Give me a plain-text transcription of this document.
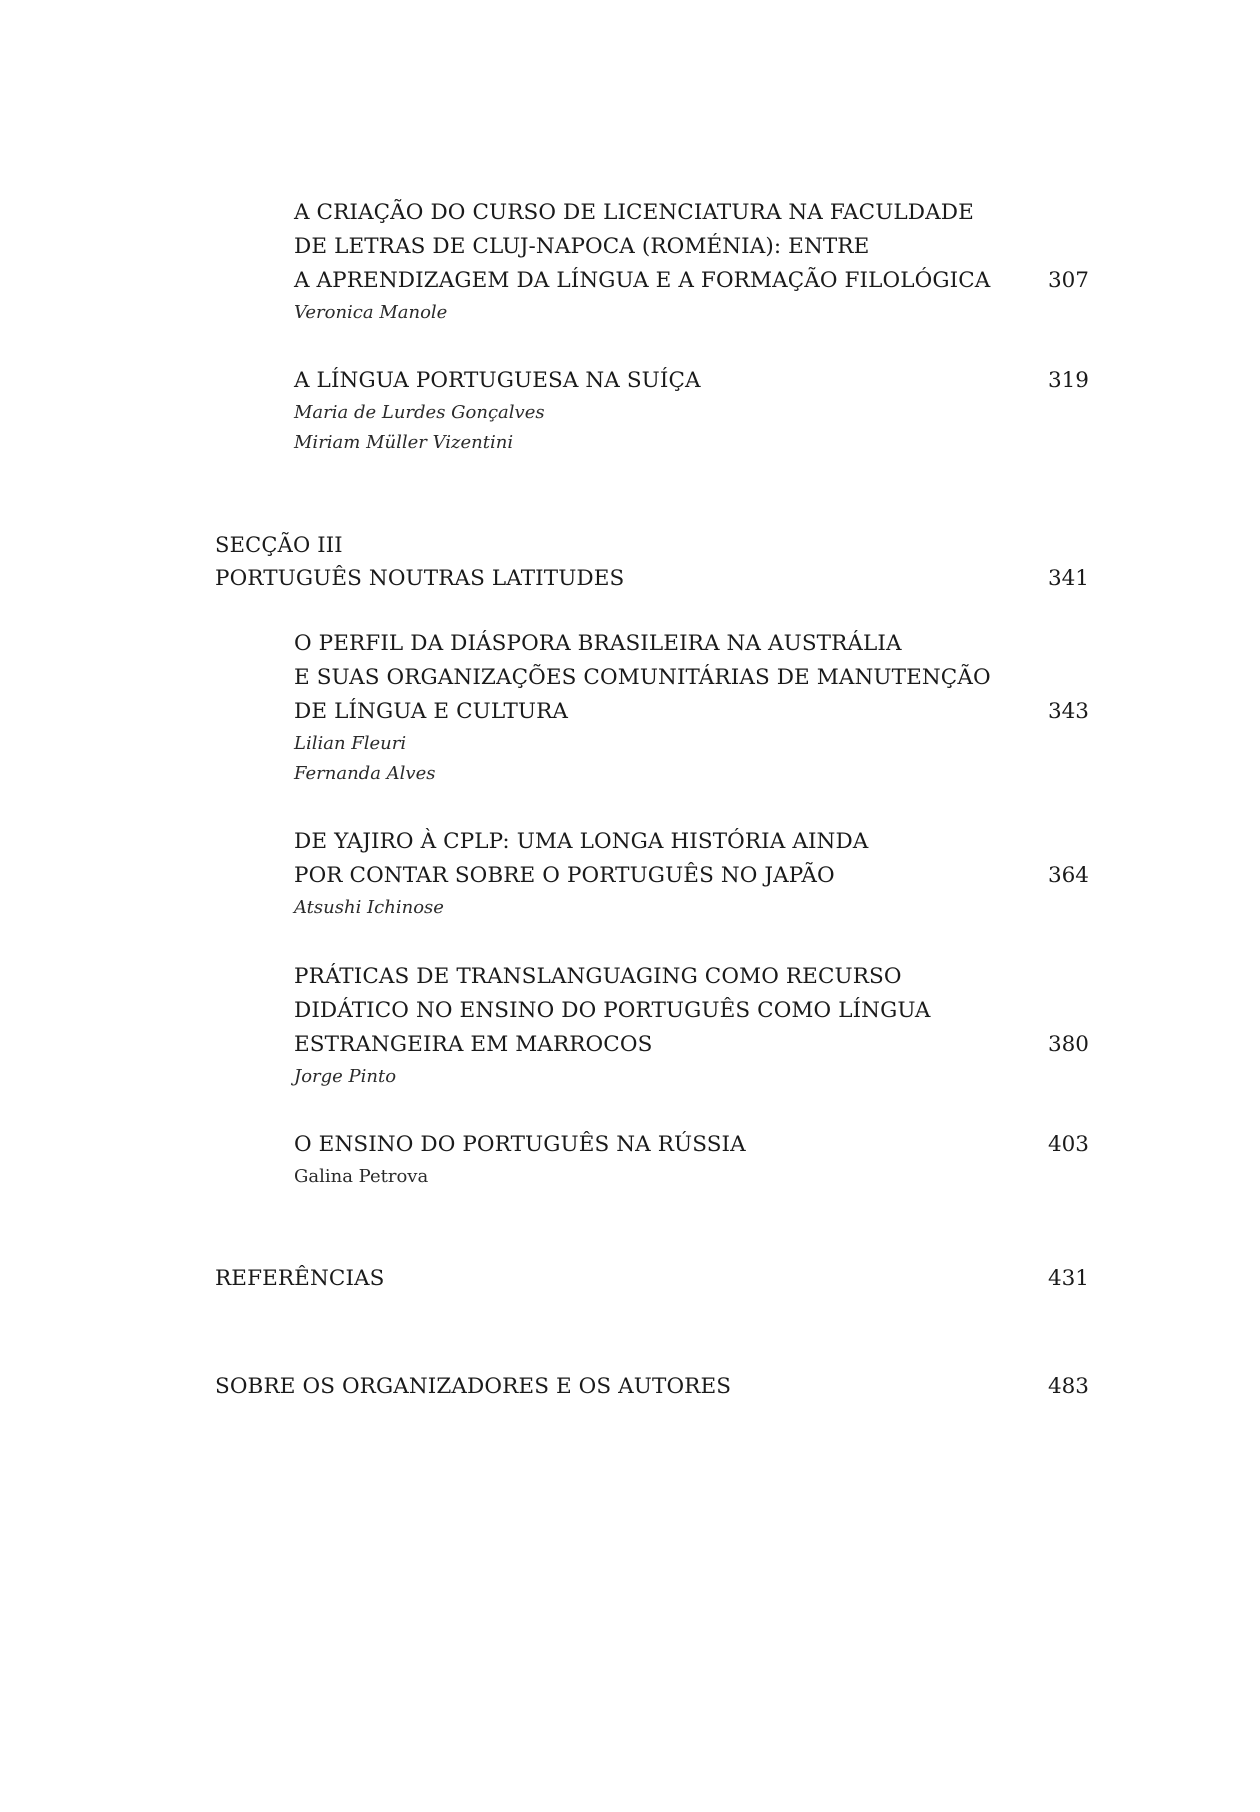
A CRIAÇÃO DO CURSO DE LICENCIATURA NA FACULDADE
DE LETRAS DE CLUJ-NAPOCA (ROMÉNIA): ENTRE
A APRENDIZAGEM DA LÍNGUA E A FORMAÇÃO FILOLÓGICA	307
Veronica Manole
A LÍNGUA PORTUGUESA NA SUÍÇA	319
Maria de Lurdes Gonçalves
Miriam Müller Vizentini
SECÇÃO III
PORTUGUÊS NOUTRAS LATITUDES	341
O PERFIL DA DIÁSPORA BRASILEIRA NA AUSTRÁLIA
E SUAS ORGANIZAÇÕES COMUNITÁRIAS DE MANUTENÇÃO
DE LÍNGUA E CULTURA	343
Lilian Fleuri
Fernanda Alves
DE YAJIRO À CPLP: UMA LONGA HISTÓRIA AINDA
POR CONTAR SOBRE O PORTUGUÊS NO JAPÃO	364
Atsushi Ichinose
PRÁTICAS DE TRANSLANGUAGING COMO RECURSO
DIDÁTICO NO ENSINO DO PORTUGUÊS COMO LÍNGUA
ESTRANGEIRA EM MARROCOS	380
Jorge Pinto
O ENSINO DO PORTUGUÊS NA RÚSSIA	403
Galina Petrova
REFERÊNCIAS	431
SOBRE OS ORGANIZADORES E OS AUTORES	483
